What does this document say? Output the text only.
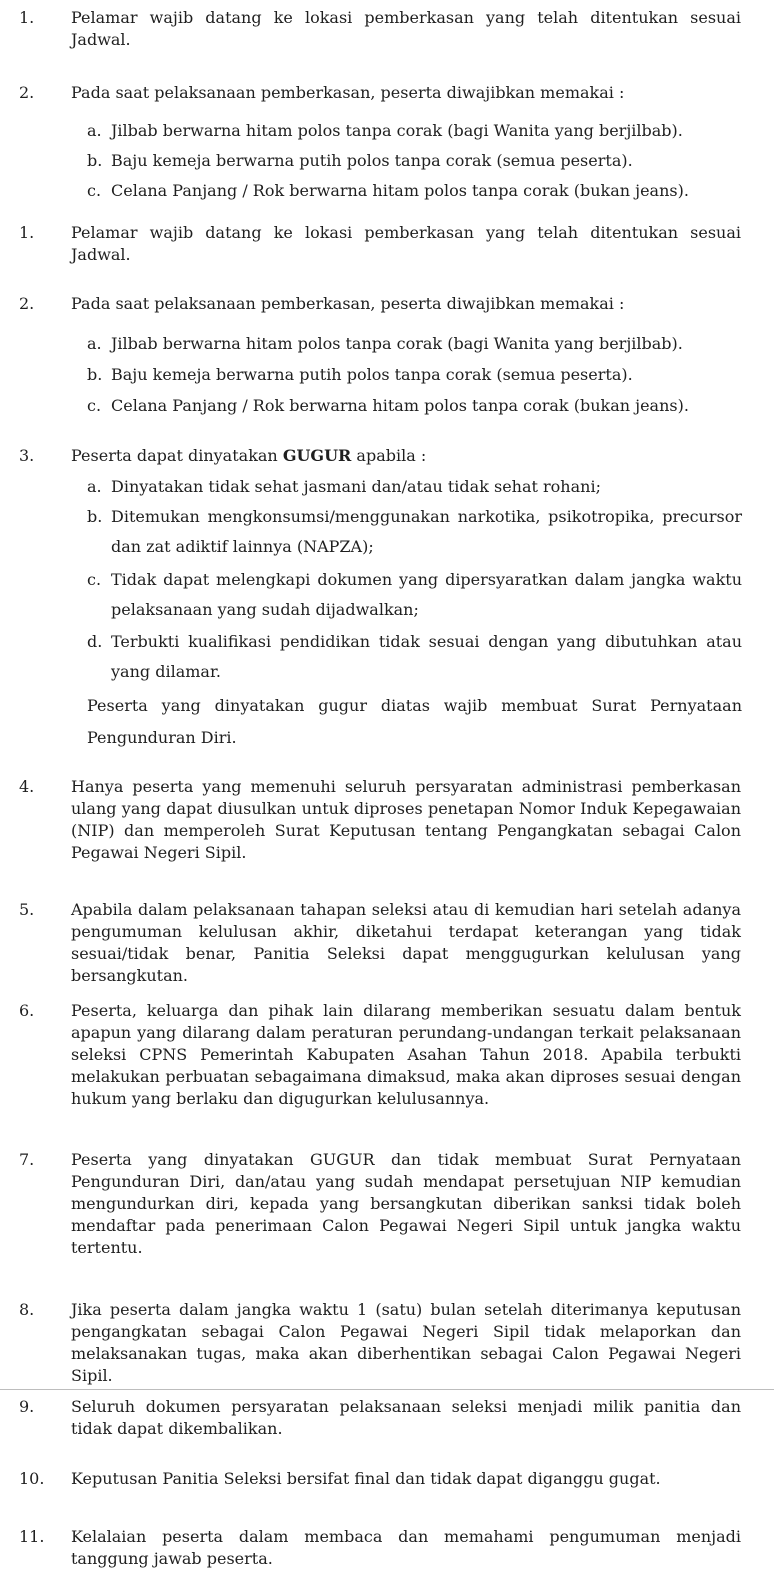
1. Pelamar wajib datang ke lokasi pemberkasan yang telah ditentukan sesuai Jadwal.
2. Pada saat pelaksanaan pemberkasan, peserta diwajibkan memakai :
a. Jilbab berwarna hitam polos tanpa corak (bagi Wanita yang berjilbab).
b. Baju kemeja berwarna putih polos tanpa corak (semua peserta).
c. Celana Panjang / Rok berwarna hitam polos tanpa corak (bukan jeans).
1. Pelamar wajib datang ke lokasi pemberkasan yang telah ditentukan sesuai Jadwal.
2. Pada saat pelaksanaan pemberkasan, peserta diwajibkan memakai :
a. Jilbab berwarna hitam polos tanpa corak (bagi Wanita yang berjilbab).
b. Baju kemeja berwarna putih polos tanpa corak (semua peserta).
c. Celana Panjang / Rok berwarna hitam polos tanpa corak (bukan jeans).
3. Peserta dapat dinyatakan GUGUR apabila :
a. Dinyatakan tidak sehat jasmani dan/atau tidak sehat rohani;
b. Ditemukan mengkonsumsi/menggunakan narkotika, psikotropika, precursor dan zat adiktif lainnya (NAPZA);
c. Tidak dapat melengkapi dokumen yang dipersyaratkan dalam jangka waktu pelaksanaan yang sudah dijadwalkan;
d. Terbukti kualifikasi pendidikan tidak sesuai dengan yang dibutuhkan atau yang dilamar.
Peserta yang dinyatakan gugur diatas wajib membuat Surat Pernyataan Pengunduran Diri.
4. Hanya peserta yang memenuhi seluruh persyaratan administrasi pemberkasan ulang yang dapat diusulkan untuk diproses penetapan Nomor Induk Kepegawaian (NIP) dan memperoleh Surat Keputusan tentang Pengangkatan sebagai Calon Pegawai Negeri Sipil.
5. Apabila dalam pelaksanaan tahapan seleksi atau di kemudian hari setelah adanya pengumuman kelulusan akhir, diketahui terdapat keterangan yang tidak sesuai/tidak benar, Panitia Seleksi dapat menggugurkan kelulusan yang bersangkutan.
6. Peserta, keluarga dan pihak lain dilarang memberikan sesuatu dalam bentuk apapun yang dilarang dalam peraturan perundang-undangan terkait pelaksanaan seleksi CPNS Pemerintah Kabupaten Asahan Tahun 2018. Apabila terbukti melakukan perbuatan sebagaimana dimaksud, maka akan diproses sesuai dengan hukum yang berlaku dan digugurkan kelulusannya.
7. Peserta yang dinyatakan GUGUR dan tidak membuat Surat Pernyataan Pengunduran Diri, dan/atau yang sudah mendapat persetujuan NIP kemudian mengundurkan diri, kepada yang bersangkutan diberikan sanksi tidak boleh mendaftar pada penerimaan Calon Pegawai Negeri Sipil untuk jangka waktu tertentu.
8. Jika peserta dalam jangka waktu 1 (satu) bulan setelah diterimanya keputusan pengangkatan sebagai Calon Pegawai Negeri Sipil tidak melaporkan dan melaksanakan tugas, maka akan diberhentikan sebagai Calon Pegawai Negeri Sipil.
9. Seluruh dokumen persyaratan pelaksanaan seleksi menjadi milik panitia dan tidak dapat dikembalikan.
10. Keputusan Panitia Seleksi bersifat final dan tidak dapat diganggu gugat.
11. Kelalaian peserta dalam membaca dan memahami pengumuman menjadi tanggung jawab peserta.
